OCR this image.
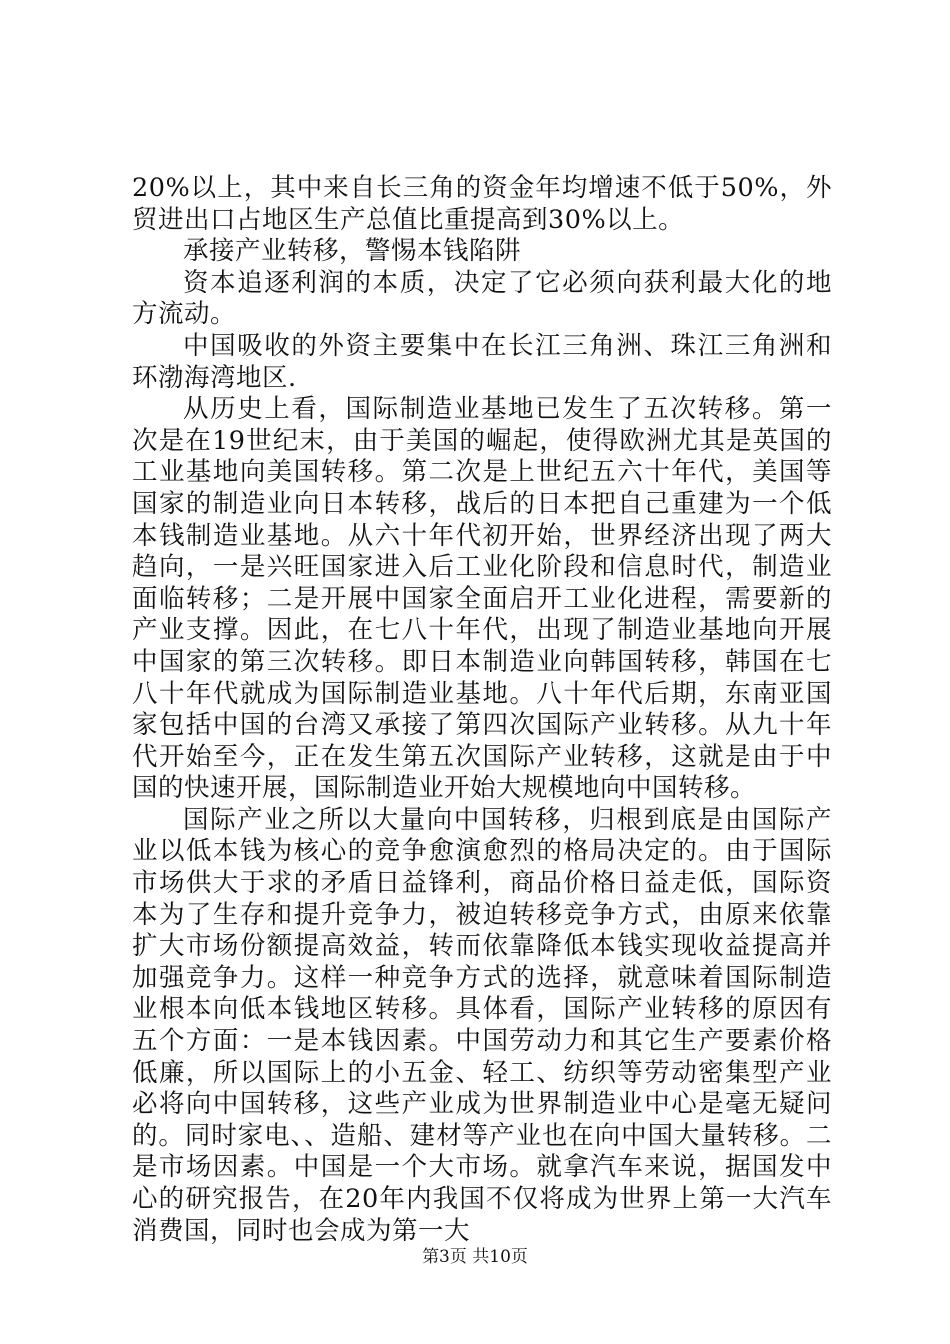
20%以上，其中来自长三角的资金年均增速不低于50%，外贸进出口占地区生产总值比重提高到30%以上。

承接产业转移，警惕本钱陷阱

资本追逐利润的本质，决定了它必须向获利最大化的地方流动。

中国吸收的外资主要集中在长江三角洲、珠江三角洲和环渤海湾地区.

从历史上看，国际制造业基地已发生了五次转移。第一次是在19世纪末，由于美国的崛起，使得欧洲尤其是英国的工业基地向美国转移。第二次是上世纪五六十年代，美国等国家的制造业向日本转移，战后的日本把自己重建为一个低本钱制造业基地。从六十年代初开始，世界经济出现了两大趋向，一是兴旺国家进入后工业化阶段和信息时代，制造业面临转移；二是开展中国家全面启开工业化进程，需要新的产业支撑。因此，在七八十年代，出现了制造业基地向开展中国家的第三次转移。即日本制造业向韩国转移，韩国在七八十年代就成为国际制造业基地。八十年代后期，东南亚国家包括中国的台湾又承接了第四次国际产业转移。从九十年代开始至今，正在发生第五次国际产业转移，这就是由于中国的快速开展，国际制造业开始大规模地向中国转移。

国际产业之所以大量向中国转移，归根到底是由国际产业以低本钱为核心的竞争愈演愈烈的格局决定的。由于国际市场供大于求的矛盾日益锋利，商品价格日益走低，国际资本为了生存和提升竞争力，被迫转移竞争方式，由原来依靠扩大市场份额提高效益，转而依靠降低本钱实现收益提高并加强竞争力。这样一种竞争方式的选择，就意味着国际制造业根本向低本钱地区转移。具体看，国际产业转移的原因有五个方面：一是本钱因素。中国劳动力和其它生产要素价格低廉，所以国际上的小五金、轻工、纺织等劳动密集型产业必将向中国转移，这些产业成为世界制造业中心是毫无疑问的。同时家电、、造船、建材等产业也在向中国大量转移。二是市场因素。中国是一个大市场。就拿汽车来说，据国发中心的研究报告，在20年内我国不仅将成为世界上第一大汽车消费国，同时也会成为第一大

第3页 共10页
